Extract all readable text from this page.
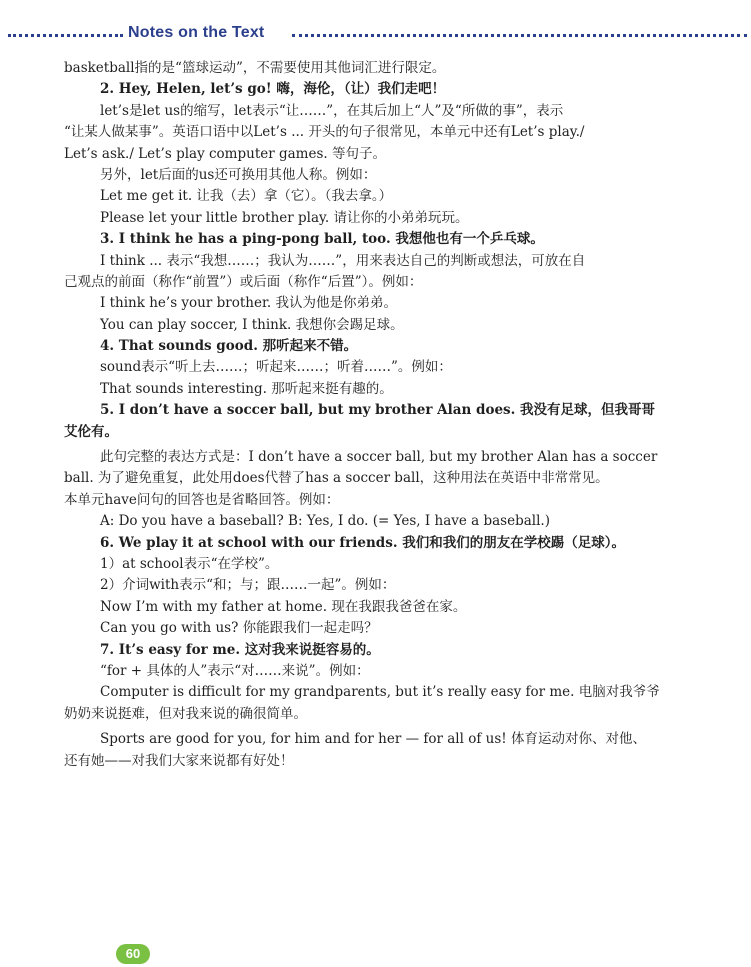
Notes on the Text
basketball指的是“篮球运动”，不需要使用其他词汇进行限定。
2. Hey, Helen, let’s go! 嗨，海伦，（让）我们走吧！
let’s是let us的缩写，let表示“让……”，在其后加上“人”及“所做的事”，表示
“让某人做某事”。英语口语中以Let’s ... 开头的句子很常见，本单元中还有Let’s play./
Let’s ask./ Let’s play computer games. 等句子。
另外，let后面的us还可换用其他人称。例如：
Let me get it. 让我（去）拿（它）。（我去拿。）
Please let your little brother play. 请让你的小弟弟玩玩。
3. I think he has a ping-pong ball, too. 我想他也有一个乒乓球。
I think ... 表示“我想……；我认为……”，用来表达自己的判断或想法，可放在自
己观点的前面（称作“前置”）或后面（称作“后置”）。例如：
I think he’s your brother. 我认为他是你弟弟。
You can play soccer, I think. 我想你会踢足球。
4. That sounds good. 那听起来不错。
sound表示“听上去……；听起来……；听着……”。例如：
That sounds interesting. 那听起来挺有趣的。
5. I don’t have a soccer ball, but my brother Alan does. 我没有足球，但我哥哥
艾伦有。
此句完整的表达方式是：I don’t have a soccer ball, but my brother Alan has a soccer
ball. 为了避免重复，此处用does代替了has a soccer ball，这种用法在英语中非常常见。
本单元have问句的回答也是省略回答。例如：
A: Do you have a baseball? B: Yes, I do. (= Yes, I have a baseball.)
6. We play it at school with our friends. 我们和我们的朋友在学校踢（足球）。
1）at school表示“在学校”。
2）介词with表示“和；与；跟……一起”。例如：
Now I’m with my father at home. 现在我跟我爸爸在家。
Can you go with us? 你能跟我们一起走吗？
7. It’s easy for me. 这对我来说挺容易的。
“for + 具体的人”表示“对……来说”。例如：
Computer is difficult for my grandparents, but it’s really easy for me. 电脑对我爷爷
奶奶来说挺难，但对我来说的确很简单。
Sports are good for you, for him and for her — for all of us! 体育运动对你、对他、
还有她——对我们大家来说都有好处！
60
